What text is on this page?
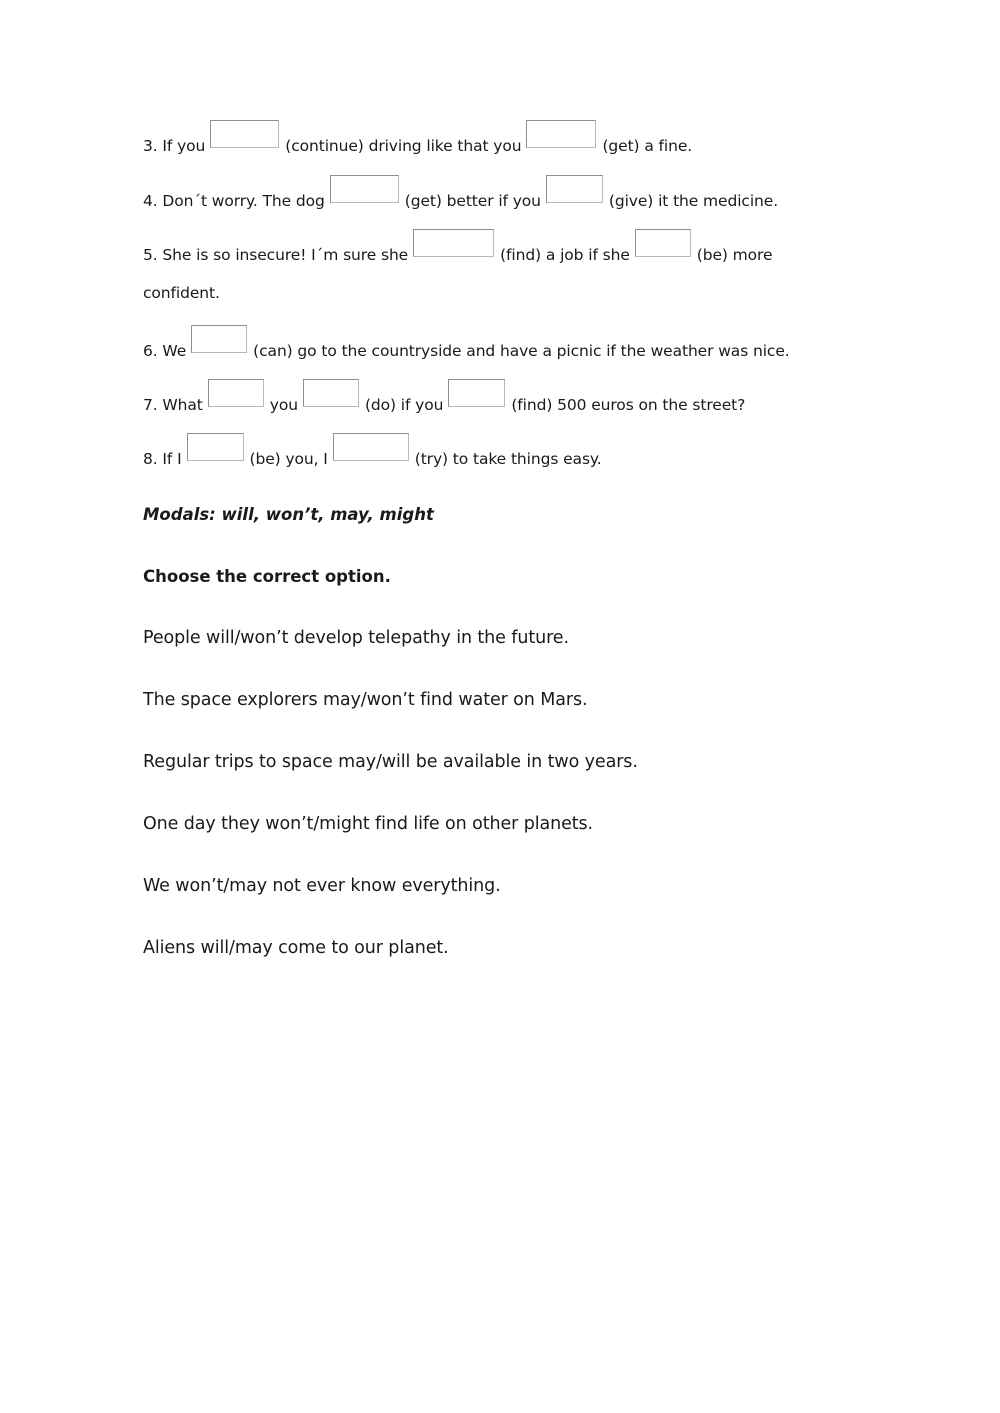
3. If you	(continue) driving like that you	(get) a fine.
4. Don´t worry. The dog	(get) better if you	(give) it the medicine.
5. She is so insecure! I´m sure she	(find) a job if she	(be) more
confident.
6. We	(can) go to the countryside and have a picnic if the weather was nice.
7. What	you	(do) if you	(find) 500 euros on the street?
8. If I	(be) you, I	(try) to take things easy.
Modals: will, won’t, may, might
Choose the correct option.
People will/won’t develop telepathy in the future.
The space explorers may/won’t find water on Mars.
Regular trips to space may/will be available in two years.
One day they won’t/might find life on other planets.
We won’t/may not ever know everything.
Aliens will/may come to our planet.
